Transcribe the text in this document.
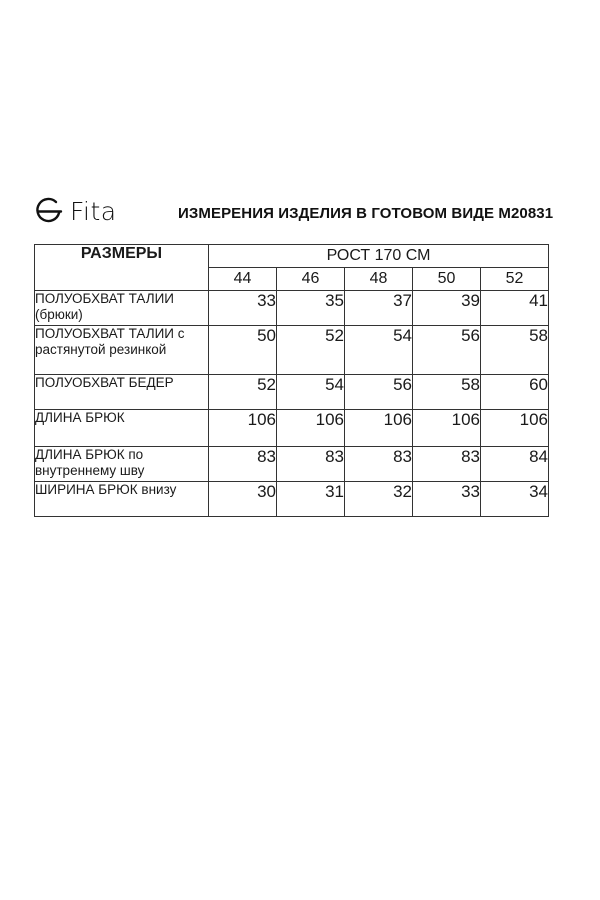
Fita	ИЗМЕРЕНИЯ ИЗДЕЛИЯ В ГОТОВОМ ВИДЕ М20831
РАЗМЕРЫ	РОСТ 170 СМ				
	44	46	48	50	52
ПОЛУОБХВАТ ТАЛИИ (брюки)	33	35	37	39	41
ПОЛУОБХВАТ ТАЛИИ с растянутой резинкой	50	52	54	56	58
ПОЛУОБХВАТ БЕДЕР	52	54	56	58	60
ДЛИНА БРЮК	106	106	106	106	106
ДЛИНА БРЮК по внутреннему шву	83	83	83	83	84
ШИРИНА БРЮК внизу	30	31	32	33	34
